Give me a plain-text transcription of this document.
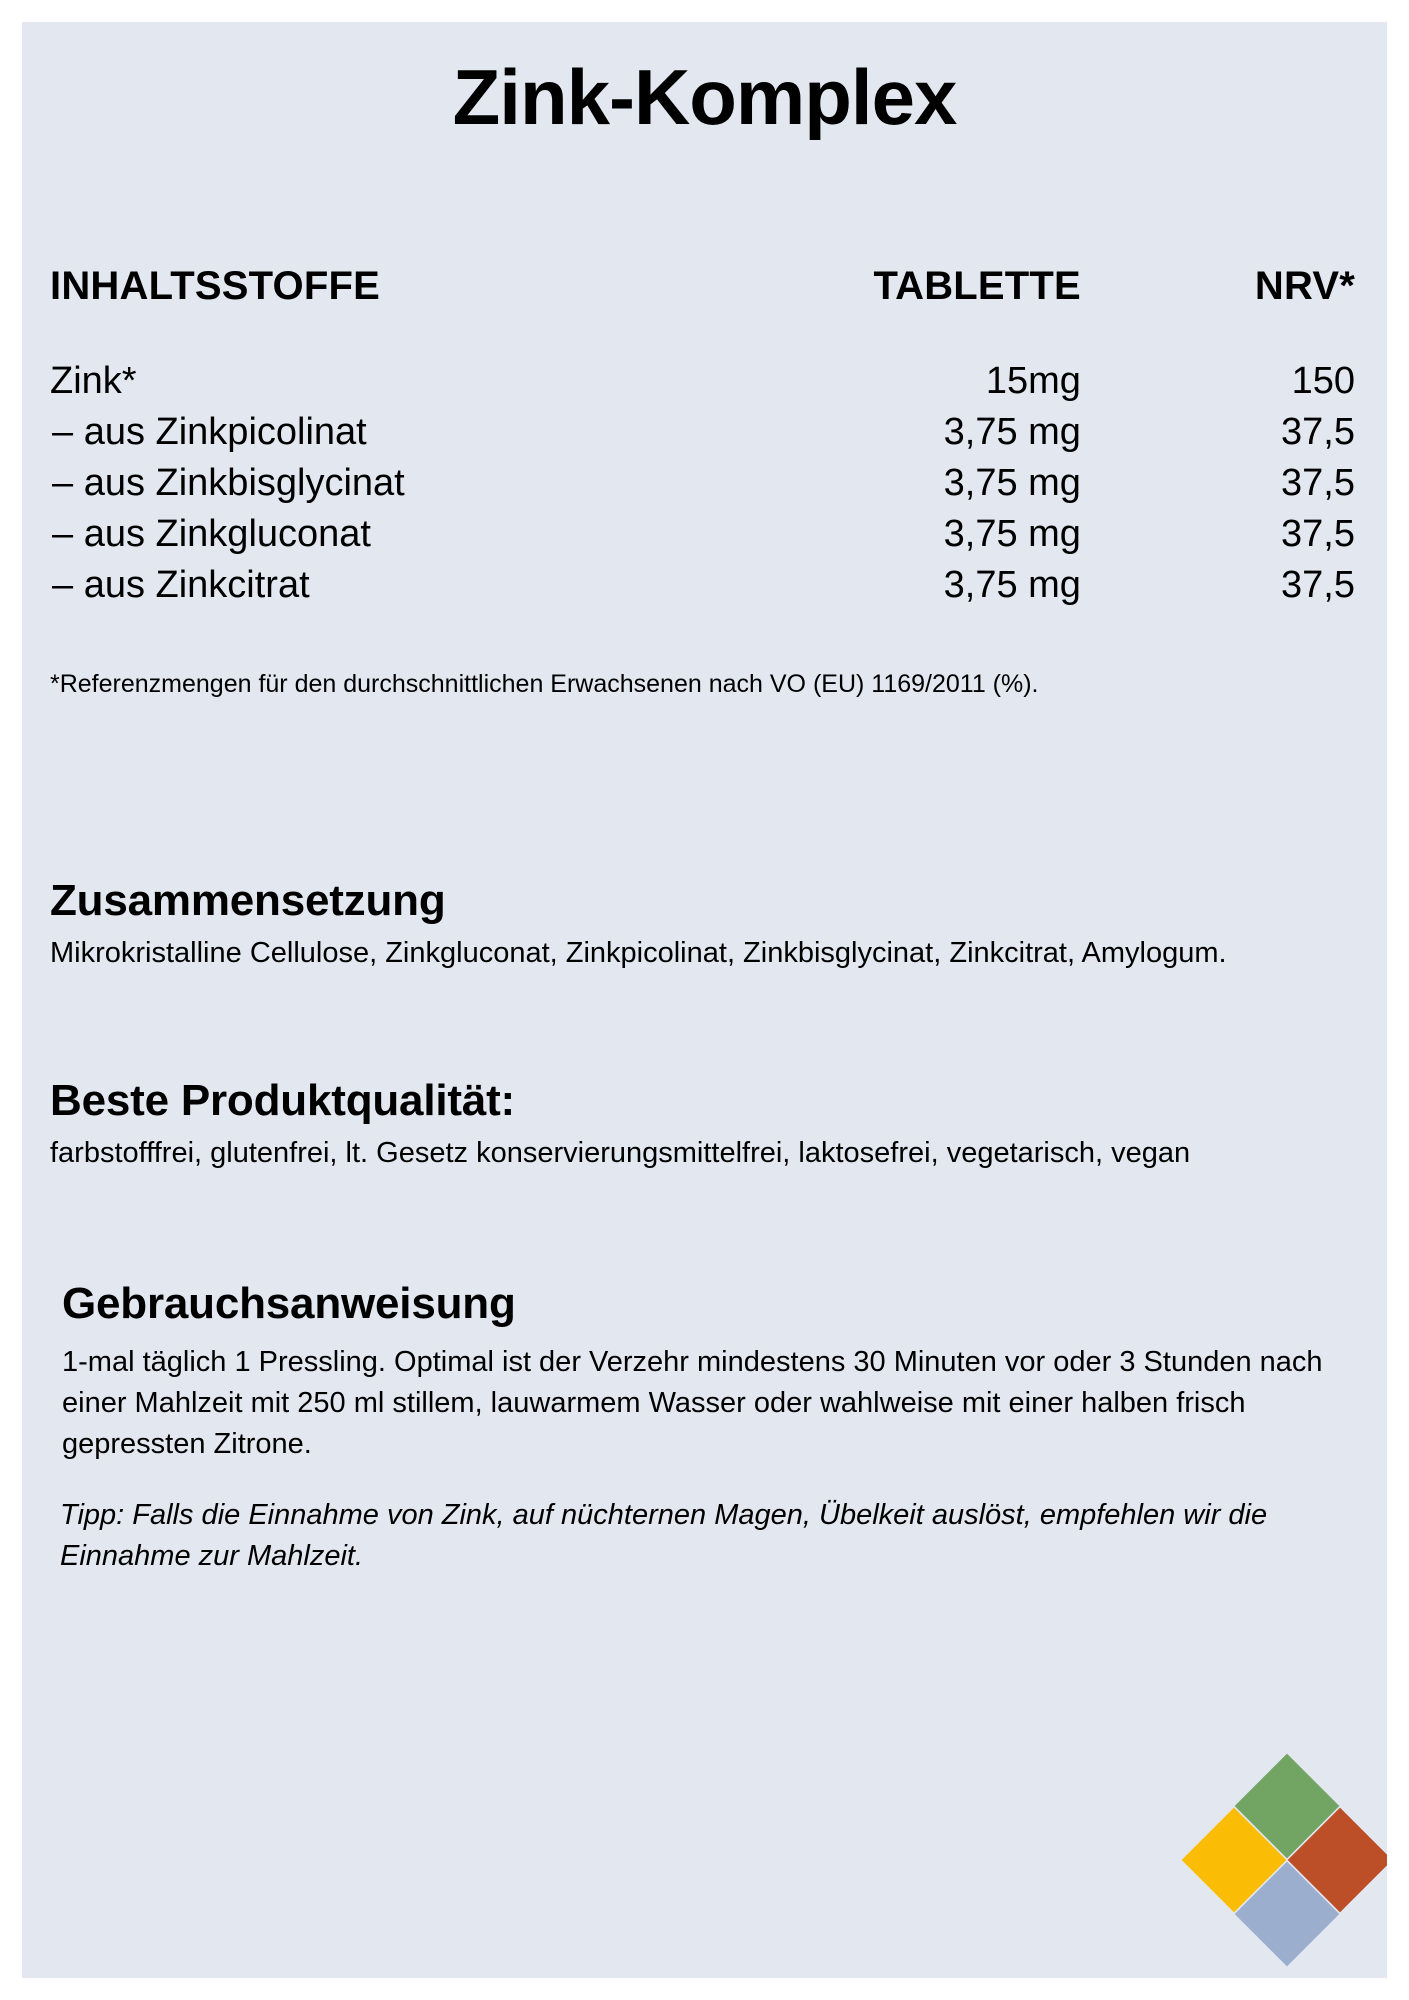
Zink-Komplex
INHALTSSTOFFE	TABLETTE	NRV*
Zink*	15mg	150
– aus Zinkpicolinat	3,75 mg	37,5
– aus Zinkbisglycinat	3,75 mg	37,5
– aus Zinkgluconat	3,75 mg	37,5
– aus Zinkcitrat	3,75 mg	37,5
*Referenzmengen für den durchschnittlichen Erwachsenen nach VO (EU) 1169/2011 (%).
Zusammensetzung

Mikrokristalline Cellulose, Zinkgluconat, Zinkpicolinat, Zinkbisglycinat, Zinkcitrat, Amylogum.

Beste Produktqualität:

farbstofffrei, glutenfrei, lt. Gesetz konservierungsmittelfrei, laktosefrei, vegetarisch, vegan

Gebrauchsanweisung

1-mal täglich 1 Pressling. Optimal ist der Verzehr mindestens 30 Minuten vor oder 3 Stunden nach einer Mahlzeit mit 250 ml stillem, lauwarmem Wasser oder wahlweise mit einer halben frisch gepressten Zitrone.

Tipp: Falls die Einnahme von Zink, auf nüchternen Magen, Übelkeit auslöst, empfehlen wir die Einnahme zur Mahlzeit.
